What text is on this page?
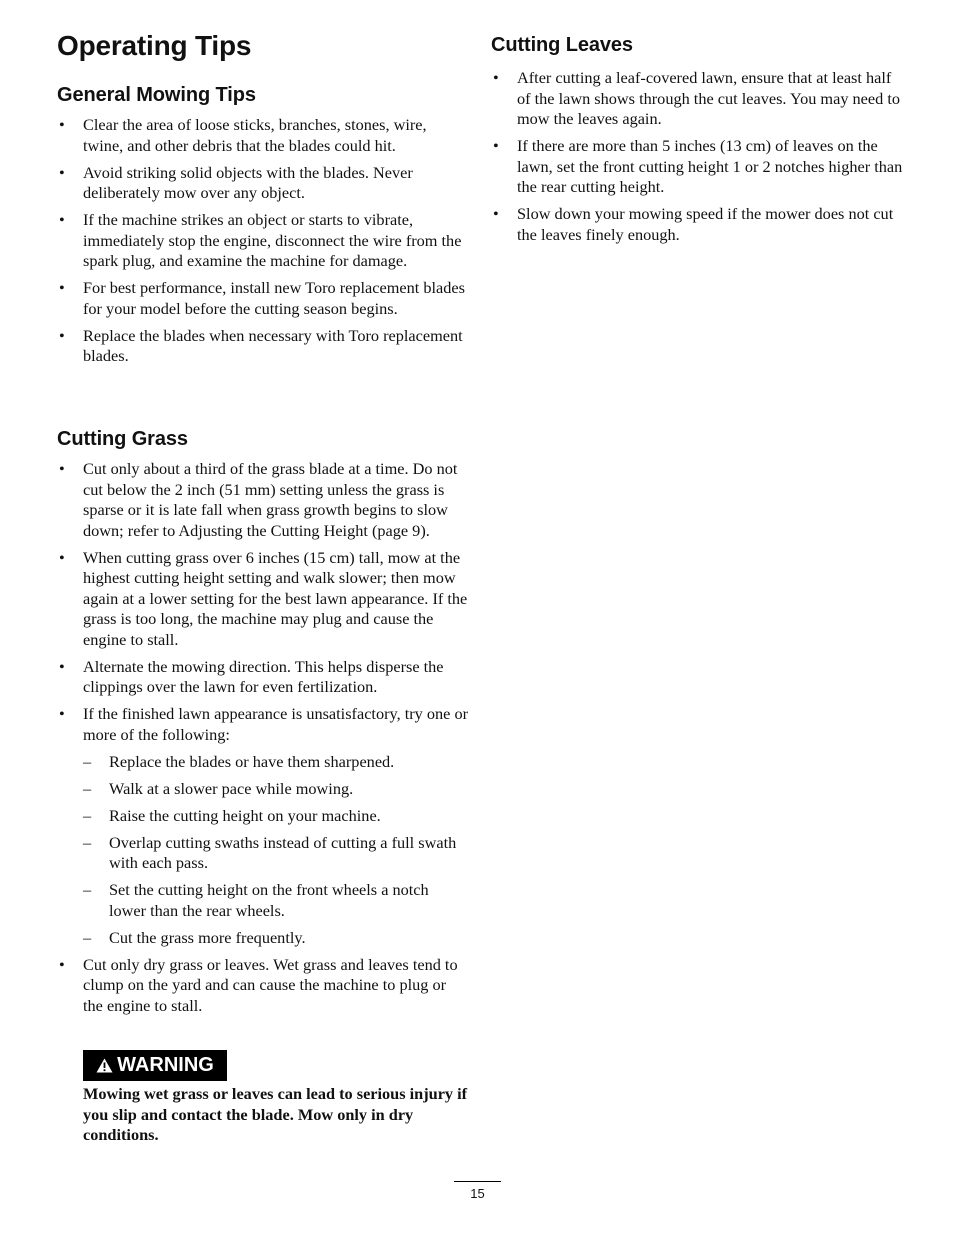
Operating Tips
General Mowing Tips
• Clear the area of loose sticks, branches, stones, wire, twine, and other debris that the blades could hit.
• Avoid striking solid objects with the blades. Never deliberately mow over any object.
• If the machine strikes an object or starts to vibrate, immediately stop the engine, disconnect the wire from the spark plug, and examine the machine for damage.
• For best performance, install new Toro replacement blades for your model before the cutting season begins.
• Replace the blades when necessary with Toro replacement blades.
Cutting Grass
• Cut only about a third of the grass blade at a time. Do not cut below the 2 inch (51 mm) setting unless the grass is sparse or it is late fall when grass growth begins to slow down; refer to Adjusting the Cutting Height (page 9).
• When cutting grass over 6 inches (15 cm) tall, mow at the highest cutting height setting and walk slower; then mow again at a lower setting for the best lawn appearance. If the grass is too long, the machine may plug and cause the engine to stall.
• Alternate the mowing direction. This helps disperse the clippings over the lawn for even fertilization.
• If the finished lawn appearance is unsatisfactory, try one or more of the following:
– Replace the blades or have them sharpened.
– Walk at a slower pace while mowing.
– Raise the cutting height on your machine.
– Overlap cutting swaths instead of cutting a full swath with each pass.
– Set the cutting height on the front wheels a notch lower than the rear wheels.
– Cut the grass more frequently.
• Cut only dry grass or leaves. Wet grass and leaves tend to clump on the yard and can cause the machine to plug or the engine to stall.
WARNING
Mowing wet grass or leaves can lead to serious injury if you slip and contact the blade. Mow only in dry conditions.
Cutting Leaves
• After cutting a leaf-covered lawn, ensure that at least half of the lawn shows through the cut leaves. You may need to mow the leaves again.
• If there are more than 5 inches (13 cm) of leaves on the lawn, set the front cutting height 1 or 2 notches higher than the rear cutting height.
• Slow down your mowing speed if the mower does not cut the leaves finely enough.
15
